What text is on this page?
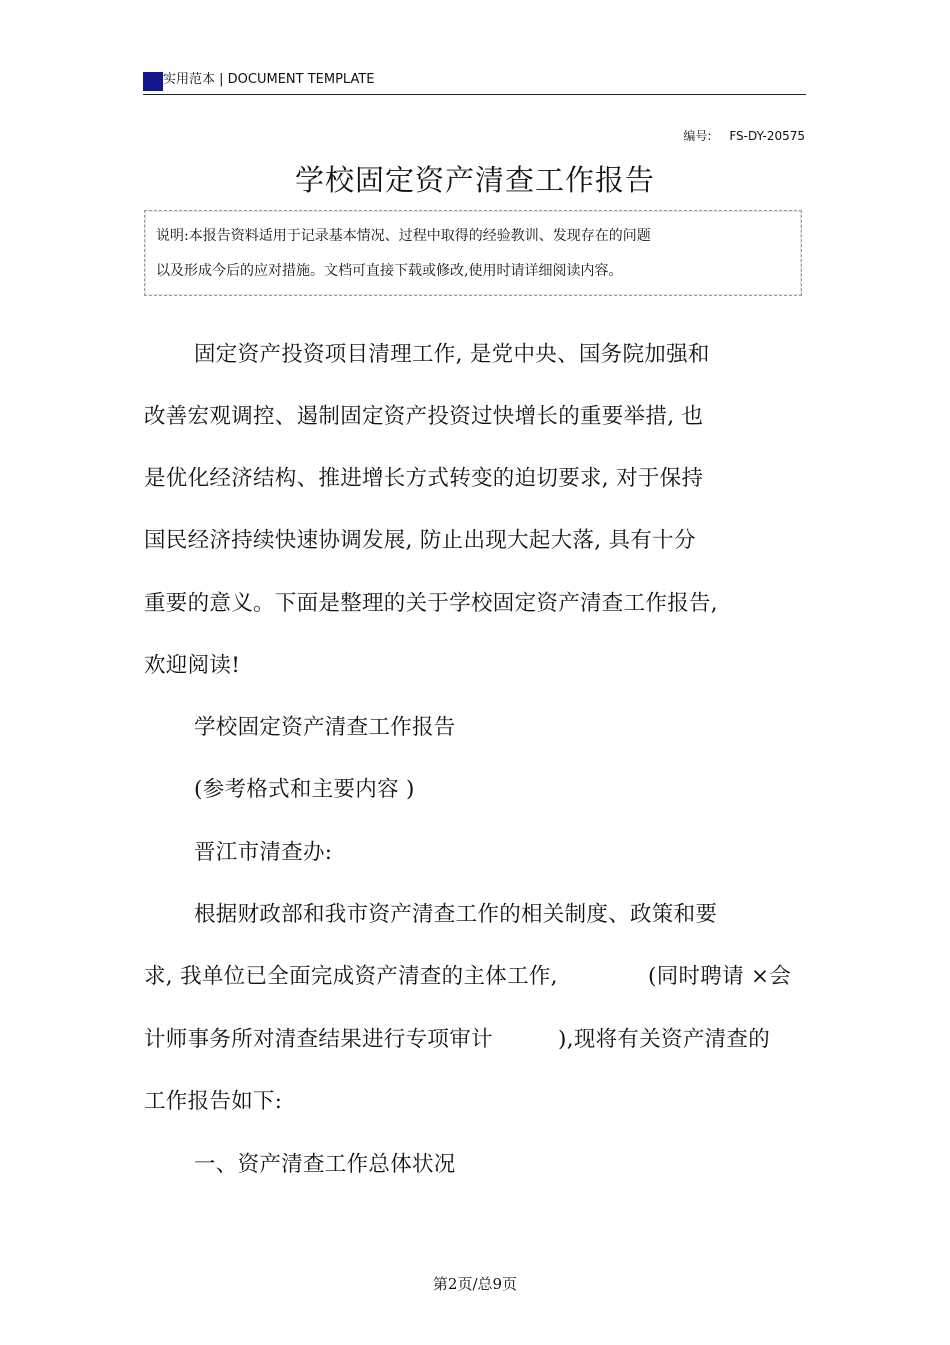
实用范本 | DOCUMENT TEMPLATE
编号: FS-DY-20575
学校固定资产清查工作报告
说明:本报告资料适用于记录基本情况、过程中取得的经验教训、发现存在的问题
以及形成今后的应对措施。文档可直接下载或修改,使用时请详细阅读内容。
固定资产投资项目清理工作, 是党中央、国务院加强和
改善宏观调控、遏制固定资产投资过快增长的重要举措, 也
是优化经济结构、推进增长方式转变的迫切要求, 对于保持
国民经济持续快速协调发展, 防止出现大起大落, 具有十分
重要的意义。下面是整理的关于学校固定资产清查工作报告,
欢迎阅读!
学校固定资产清查工作报告
(参考格式和主要内容 )
晋江市清查办:
根据财政部和我市资产清查工作的相关制度、政策和要
求, 我单位已全面完成资产清查的主体工作,	(同时聘请 ×会
计师事务所对清查结果进行专项审计	),现将有关资产清查的
工作报告如下:
一、资产清查工作总体状况
第2页/总9页
